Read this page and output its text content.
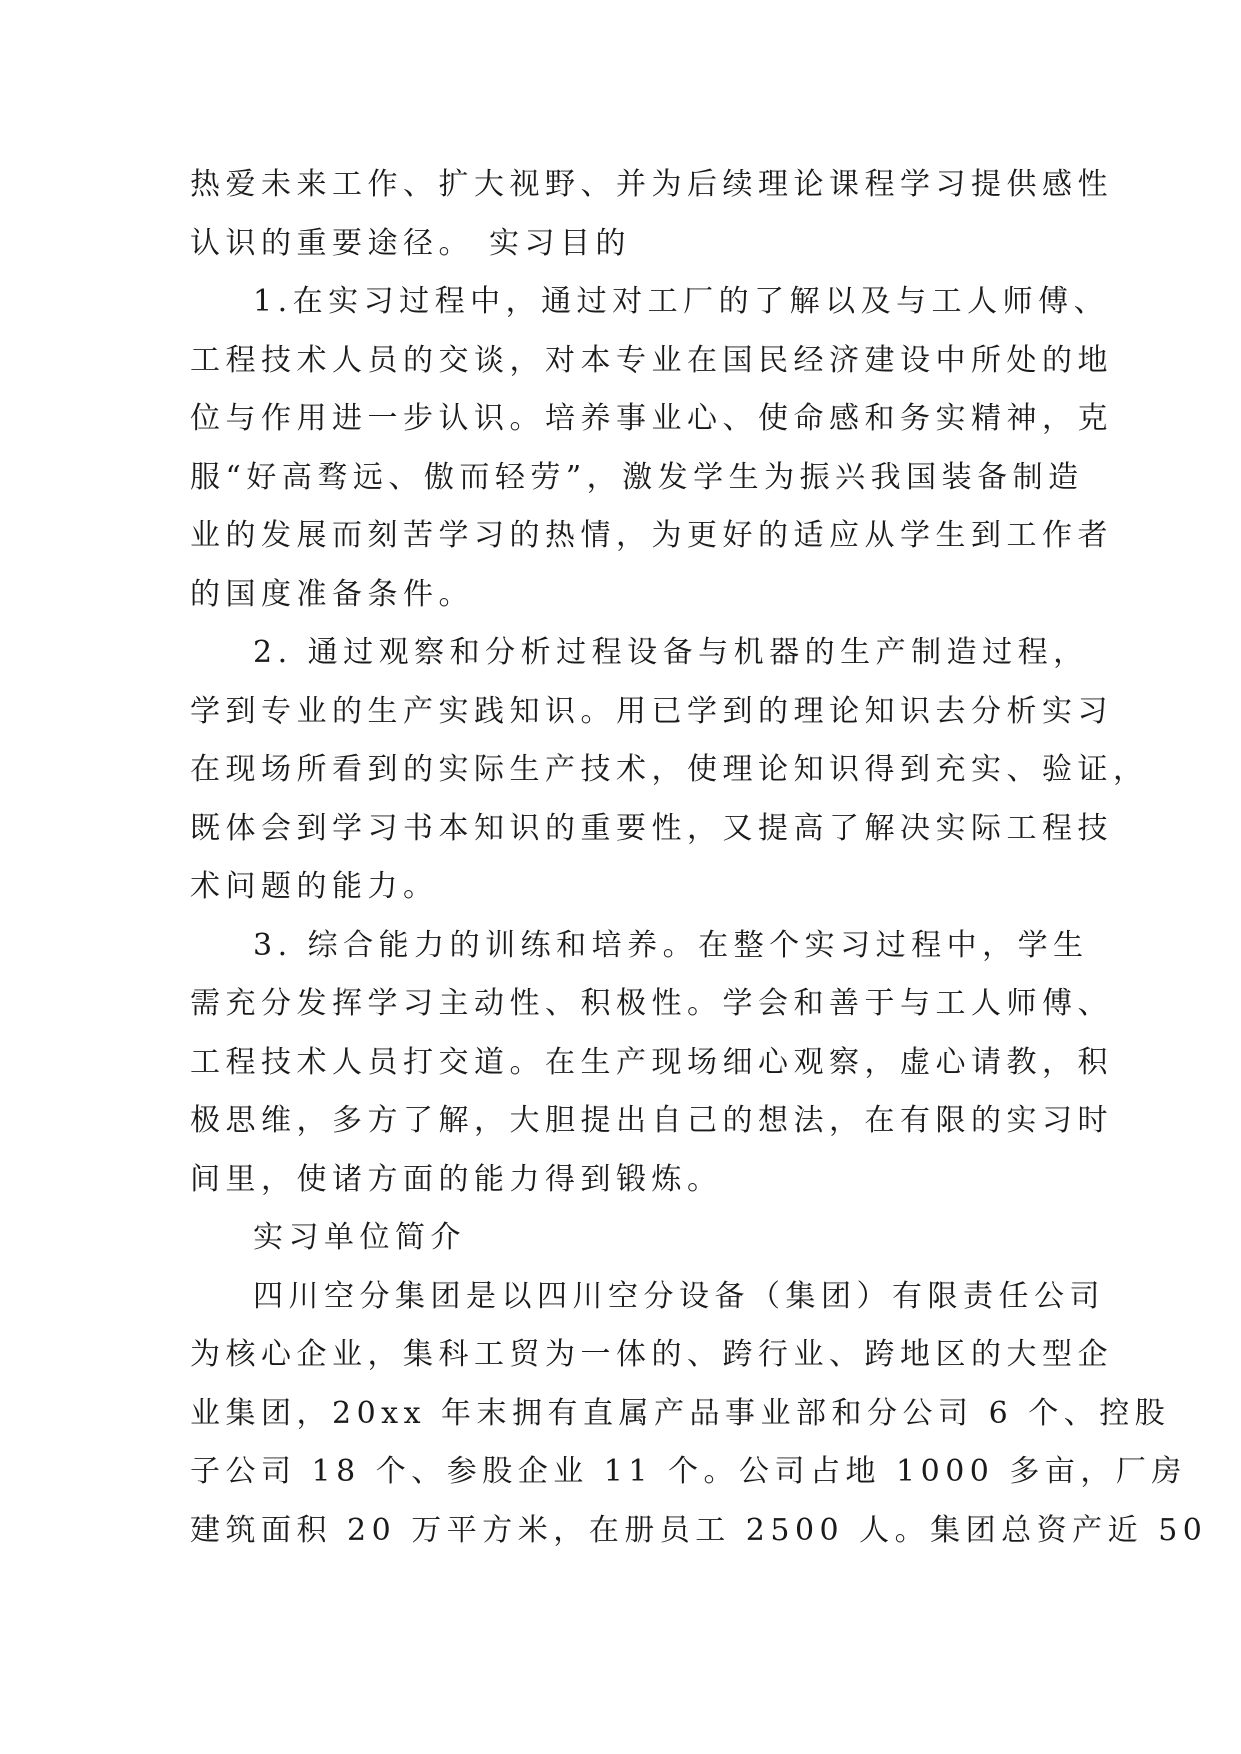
热爱未来工作、扩大视野、并为后续理论课程学习提供感性
认识的重要途径。 实习目的
1.在实习过程中，通过对工厂的了解以及与工人师傅、
工程技术人员的交谈，对本专业在国民经济建设中所处的地
位与作用进一步认识。培养事业心、使命感和务实精神，克
服“好高骛远、傲而轻劳”，激发学生为振兴我国装备制造
业的发展而刻苦学习的热情，为更好的适应从学生到工作者
的国度准备条件。
2. 通过观察和分析过程设备与机器的生产制造过程，
学到专业的生产实践知识。用已学到的理论知识去分析实习
在现场所看到的实际生产技术，使理论知识得到充实、验证，
既体会到学习书本知识的重要性，又提高了解决实际工程技
术问题的能力。
3. 综合能力的训练和培养。在整个实习过程中，学生
需充分发挥学习主动性、积极性。学会和善于与工人师傅、
工程技术人员打交道。在生产现场细心观察，虚心请教，积
极思维，多方了解，大胆提出自己的想法，在有限的实习时
间里，使诸方面的能力得到锻炼。
实习单位简介
四川空分集团是以四川空分设备（集团）有限责任公司
为核心企业，集科工贸为一体的、跨行业、跨地区的大型企
业集团，20xx 年末拥有直属产品事业部和分公司 6 个、控股
子公司 18 个、参股企业 11 个。公司占地 1000 多亩，厂房
建筑面积 20 万平方米，在册员工 2500 人。集团总资产近 50
